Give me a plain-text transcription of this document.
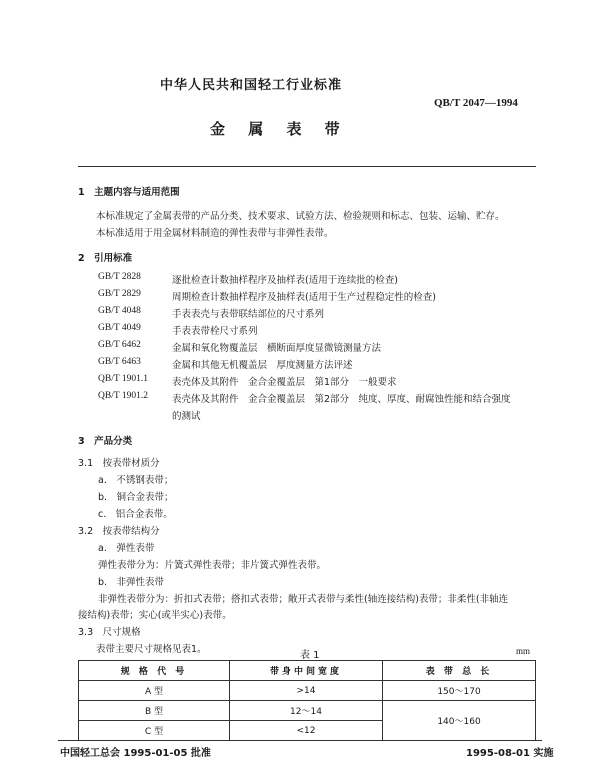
中华人民共和国轻工行业标准
QB/T 2047—1994
金 属 表 带
1　主题内容与适用范围
本标准规定了金属表带的产品分类、技术要求、试验方法、检验规则和标志、包装、运输、贮存。
本标准适用于用金属材料制造的弹性表带与非弹性表带。
2　引用标准
GB/T 2828	逐批检查计数抽样程序及抽样表(适用于连续批的检查)
GB/T 2829	周期检查计数抽样程序及抽样表(适用于生产过程稳定性的检查)
GB/T 4048	手表表壳与表带联结部位的尺寸系列
GB/T 4049	手表表带栓尺寸系列
GB/T 6462	金属和氧化物覆盖层　横断面厚度显微镜测量方法
GB/T 6463	金属和其他无机覆盖层　厚度测量方法评述
QB/T 1901.1	表壳体及其附件　金合金覆盖层　第1部分　一般要求
QB/T 1901.2	表壳体及其附件　金合金覆盖层　第2部分　纯度、厚度、耐腐蚀性能和结合强度
的测试
3　产品分类
3.1　按表带材质分
a.　不锈钢表带；
b.　铜合金表带；
c.　铝合金表带。
3.2　按表带结构分
a.　弹性表带
弹性表带分为：片簧式弹性表带；非片簧式弹性表带。
b.　非弹性表带
非弹性表带分为：折扣式表带；搭扣式表带；敞开式表带与柔性(轴连接结构)表带；非柔性(非轴连
接结构)表带；实心(或半实心)表带。
3.3　尺寸规格
表带主要尺寸规格见表1。
表 1	mm
规 格 代 号	带身中间宽度	表 带 总 长
A 型	>14	150～170
B 型	12～14	140～160
C 型	<12	
中国轻工总会 1995-01-05 批准	1995-08-01 实施
